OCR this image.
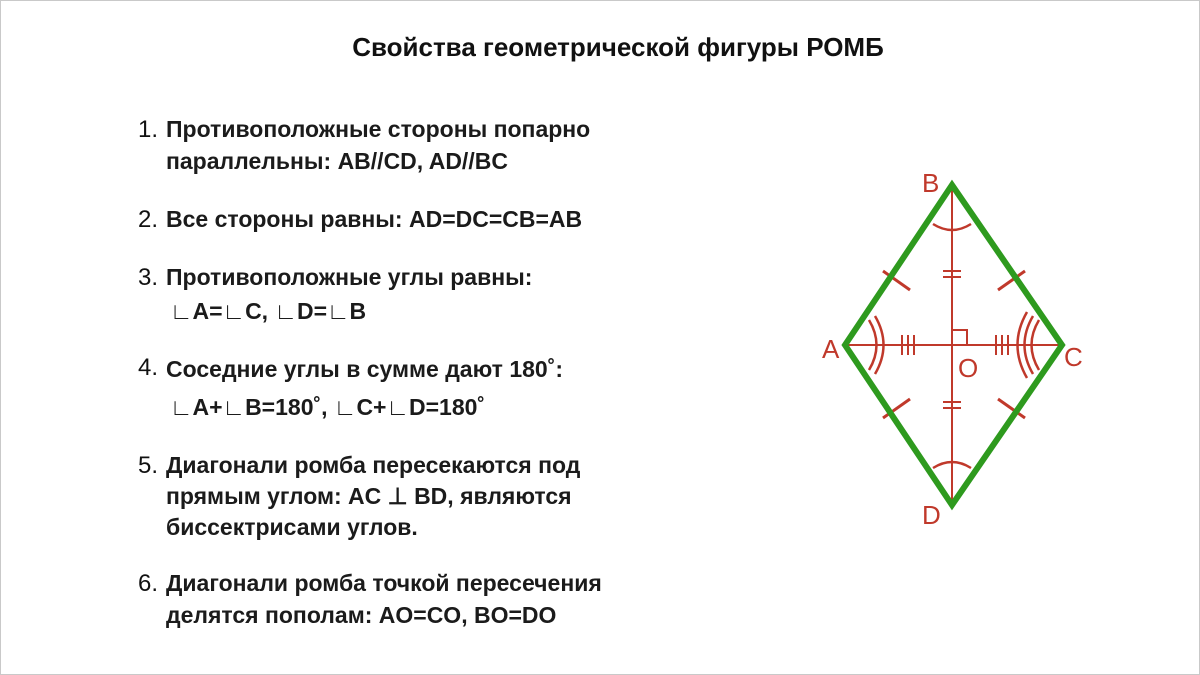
Свойства геометрической фигуры РОМБ
1. Противоположные стороны попарно
параллельны: AB//CD, AD//BC
2. Все стороны равны: AD=DC=CB=AB
3. Противоположные углы равны:
∟A=∟C, ∟D=∟B
4. Соседние углы в сумме дают 180˚:
∟A+∟B=180˚, ∟C+∟D=180˚
5. Диагонали ромба пересекаются под
прямым углом: AC ⊥ BD, являются
биссектрисами углов.
6. Диагонали ромба точкой пересечения
делятся пополам: AO=CO, BO=DO
B
A	C
O
D
